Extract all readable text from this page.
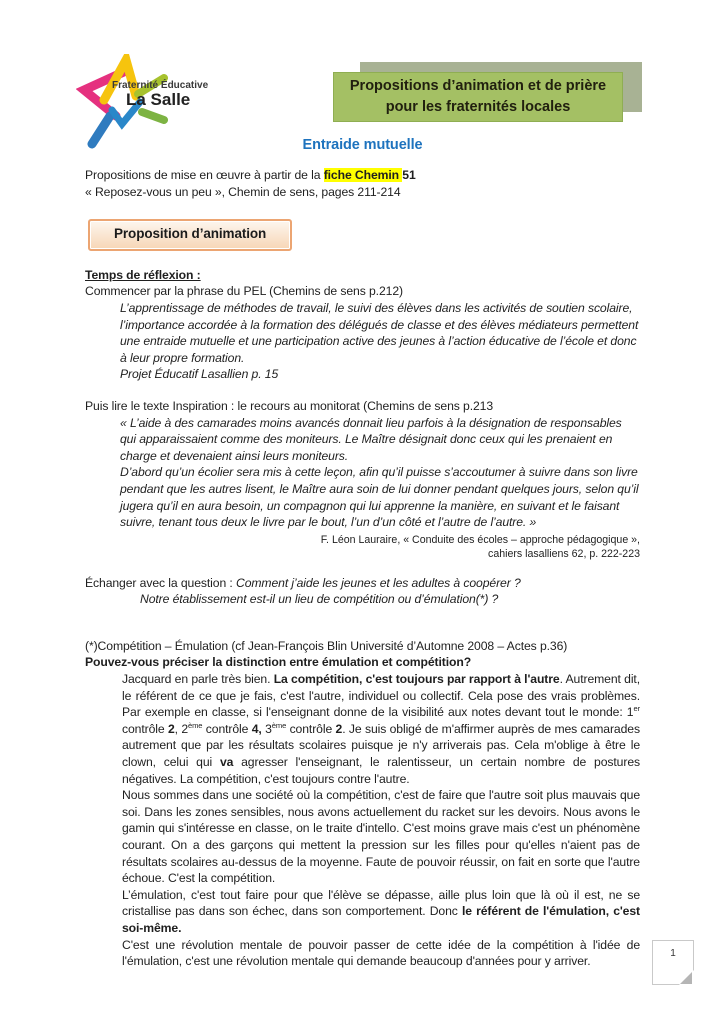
Fraternité Éducative
La Salle
Propositions d’animation et de prière
pour les fraternités locales
Entraide mutuelle

Propositions de mise en œuvre à partir de la fiche Chemin 51

« Reposez-vous un peu », Chemin de sens, pages 211-214

Proposition d’animation
Temps de réflexion :

Commencer par la phrase du PEL (Chemins de sens p.212)

L’apprentissage de méthodes de travail, le suivi des élèves dans les activités de soutien scolaire, l’importance accordée à la formation des délégués de classe et des élèves médiateurs permettent une entraide mutuelle et une participation active des jeunes à l’action éducative de l’école et donc à leur propre formation.

Projet Éducatif Lasallien p. 15

Puis lire le texte Inspiration : le recours au monitorat (Chemins de sens p.213

« L’aide à des camarades moins avancés donnait lieu parfois à la désignation de responsables qui apparaissaient comme des moniteurs. Le Maître désignait donc ceux qui les prenaient en charge et devenaient ainsi leurs moniteurs.

D’abord qu’un écolier sera mis à cette leçon, afin qu’il puisse s’accoutumer à suivre dans son livre pendant que les autres lisent, le Maître aura soin de lui donner pendant quelques jours, selon qu’il jugera qu’il en aura besoin, un compagnon qui lui apprenne la manière, en suivant et le faisant suivre, tenant tous deux le livre par le bout, l’un d’un côté et l’autre de l’autre. »

F. Léon Lauraire, « Conduite des écoles – approche pédagogique »,
cahiers lasalliens 62, p. 222-223

Échanger avec la question : Comment j’aide les jeunes et les adultes à coopérer ?

Notre établissement est-il un lieu de compétition ou d’émulation(*) ?

(*)Compétition – Émulation (cf Jean-François Blin Université d’Automne 2008 – Actes p.36)

Pouvez-vous préciser la distinction entre émulation et compétition?

Jacquard en parle très bien. La compétition, c'est toujours par rapport à l'autre. Autrement dit, le référent de ce que je fais, c'est l'autre, individuel ou collectif. Cela pose des vrais problèmes. Par exemple en classe, si l'enseignant donne de la visibilité aux notes devant tout le monde: 1er contrôle 2, 2ème contrôle 4, 3ème contrôle 2. Je suis obligé de m'affirmer auprès de mes camarades autrement que par les résultats scolaires puisque je n'y arriverais pas. Cela m'oblige à être le clown, celui qui va agresser l'enseignant, le ralentisseur, un certain nombre de postures négatives. La compétition, c'est toujours contre l'autre.

Nous sommes dans une société où la compétition, c'est de faire que l'autre soit plus mauvais que soi. Dans les zones sensibles, nous avons actuellement du racket sur les devoirs. Nous avons le gamin qui s'intéresse en classe, on le traite d'intello. C'est moins grave mais c'est un phénomène courant. On a des garçons qui mettent la pression sur les filles pour qu'elles n'aient pas de résultats scolaires au-dessus de la moyenne. Faute de pouvoir réussir, on fait en sorte que l'autre échoue. C'est la compétition.

L’émulation, c'est tout faire pour que l'élève se dépasse, aille plus loin que là où il est, ne se cristallise pas dans son échec, dans son comportement. Donc le référent de l'émulation, c'est soi-même.

C'est une révolution mentale de pouvoir passer de cette idée de la compétition à l'idée de l'émulation, c'est une révolution mentale qui demande beaucoup d'années pour y arriver.

1
